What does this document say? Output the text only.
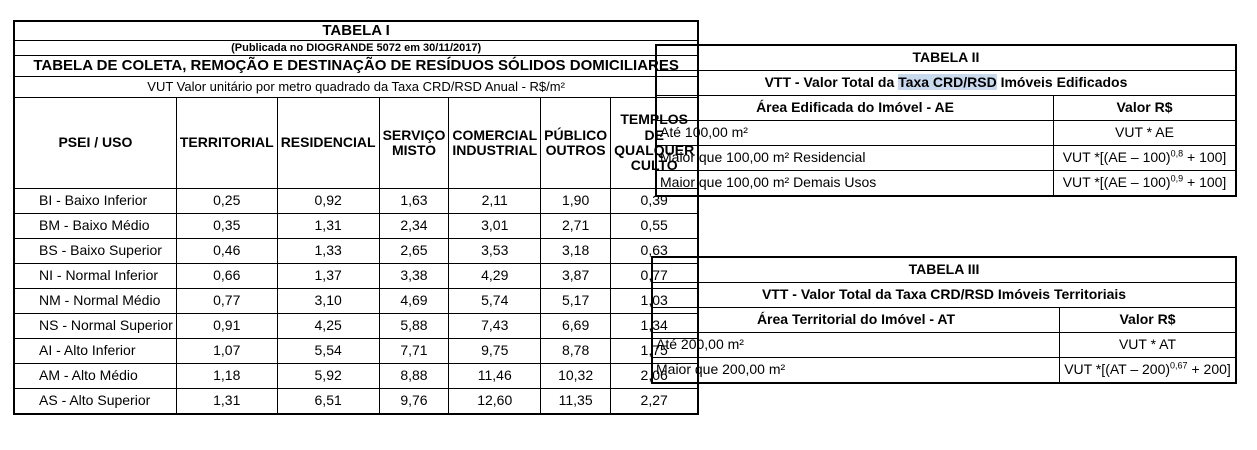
TABELA I						
(Publicada no DIOGRANDE 5072 em 30/11/2017)						
TABELA DE COLETA, REMOÇÃO E DESTINAÇÃO DE RESÍDUOS SÓLIDOS DOMICILIARES						
VUT Valor unitário por metro quadrado da Taxa CRD/RSD Anual - R$/m²						
PSEI / USO	TERRITORIAL	RESIDENCIAL	SERVIÇO MISTO	COMERCIAL INDUSTRIAL	PÚBLICO OUTROS	TEMPLOS DE QUALQUER CULTO
BI - Baixo Inferior	0,25	0,92	1,63	2,11	1,90	0,39
BM - Baixo Médio	0,35	1,31	2,34	3,01	2,71	0,55
BS - Baixo Superior	0,46	1,33	2,65	3,53	3,18	0,63
NI - Normal Inferior	0,66	1,37	3,38	4,29	3,87	0,77
NM - Normal Médio	0,77	3,10	4,69	5,74	5,17	1,03
NS - Normal Superior	0,91	4,25	5,88	7,43	6,69	1,34
AI - Alto Inferior	1,07	5,54	7,71	9,75	8,78	1,75
AM - Alto Médio	1,18	5,92	8,88	11,46	10,32	2,06
AS - Alto Superior	1,31	6,51	9,76	12,60	11,35	2,27
TABELA II	
VTT - Valor Total da Taxa CRD/RSD Imóveis Edificados	
Área Edificada do Imóvel - AE	Valor R$
Até 100,00 m²	VUT * AE
Maior que 100,00 m² Residencial	VUT *[(AE – 100)$^{0,8}$ + 100]
Maior que 100,00 m² Demais Usos	VUT *[(AE – 100)$^{0,9}$ + 100]
TABELA III	
VTT - Valor Total da Taxa CRD/RSD Imóveis Territoriais	
Área Territorial do Imóvel - AT	Valor R$
Até 200,00 m²	VUT * AT
Maior que 200,00 m²	VUT *[(AT – 200)$^{0,67}$ + 200]
